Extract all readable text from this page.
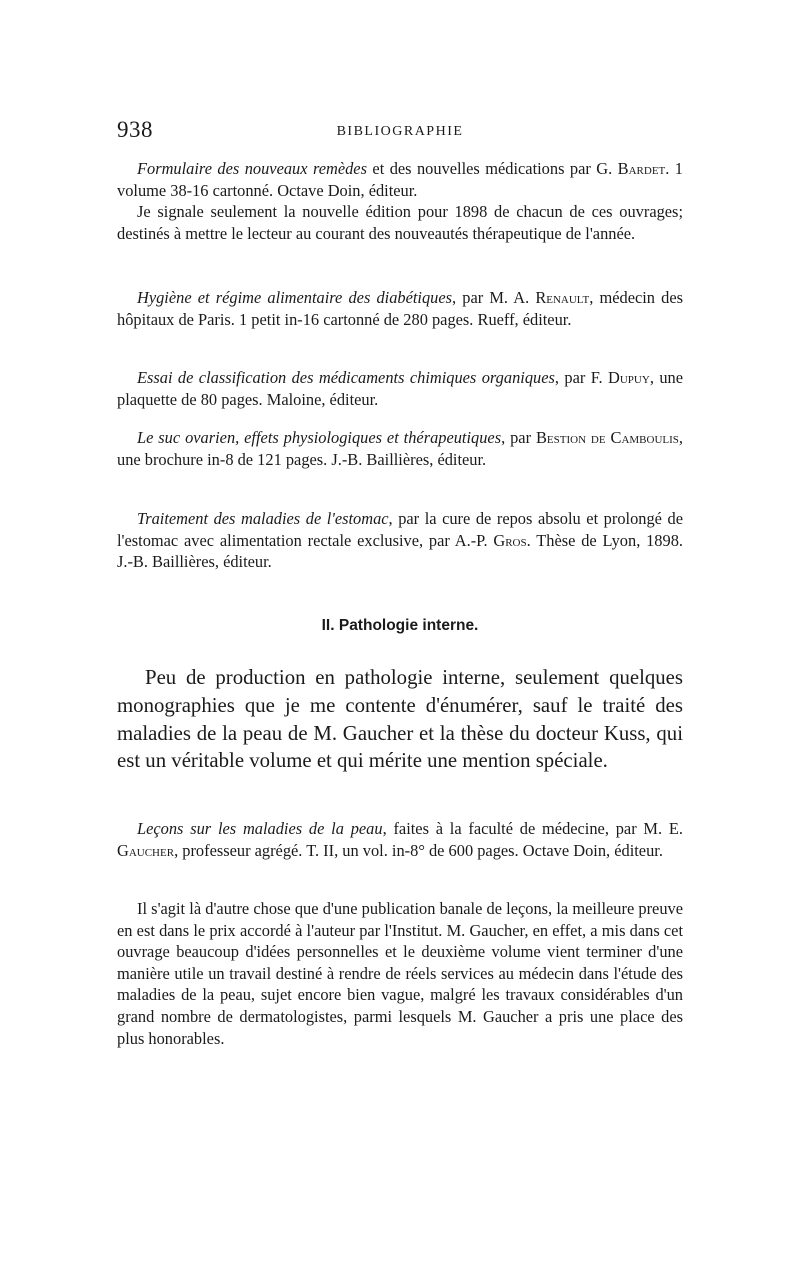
938	BIBLIOGRAPHIE

Formulaire des nouveaux remèdes et des nouvelles médications par G. Bardet. 1 volume 38-16 cartonné. Octave Doin, éditeur.

Je signale seulement la nouvelle édition pour 1898 de chacun de ces ouvrages; destinés à mettre le lecteur au courant des nouveautés thérapeutique de l'année.

Hygiène et régime alimentaire des diabétiques, par M. A. Renault, médecin des hôpitaux de Paris. 1 petit in-16 cartonné de 280 pages. Rueff, éditeur.

Essai de classification des médicaments chimiques organiques, par F. Dupuy, une plaquette de 80 pages. Maloine, éditeur.

Le suc ovarien, effets physiologiques et thérapeutiques, par Bestion de Camboulis, une brochure in-8 de 121 pages. J.-B. Baillières, éditeur.

Traitement des maladies de l'estomac, par la cure de repos absolu et prolongé de l'estomac avec alimentation rectale exclusive, par A.-P. Gros. Thèse de Lyon, 1898. J.-B. Baillières, éditeur.

II. Pathologie interne.

Peu de production en pathologie interne, seulement quelques monographies que je me contente d'énumérer, sauf le traité des maladies de la peau de M. Gaucher et la thèse du docteur Kuss, qui est un véritable volume et qui mérite une mention spéciale.

Leçons sur les maladies de la peau, faites à la faculté de médecine, par M. E. Gaucher, professeur agrégé. T. II, un vol. in-8° de 600 pages. Octave Doin, éditeur.

Il s'agit là d'autre chose que d'une publication banale de leçons, la meilleure preuve en est dans le prix accordé à l'auteur par l'Institut. M. Gaucher, en effet, a mis dans cet ouvrage beaucoup d'idées personnelles et le deuxième volume vient terminer d'une manière utile un travail destiné à rendre de réels services au médecin dans l'étude des maladies de la peau, sujet encore bien vague, malgré les travaux considérables d'un grand nombre de dermatologistes, parmi lesquels M. Gaucher a pris une place des plus honorables.
